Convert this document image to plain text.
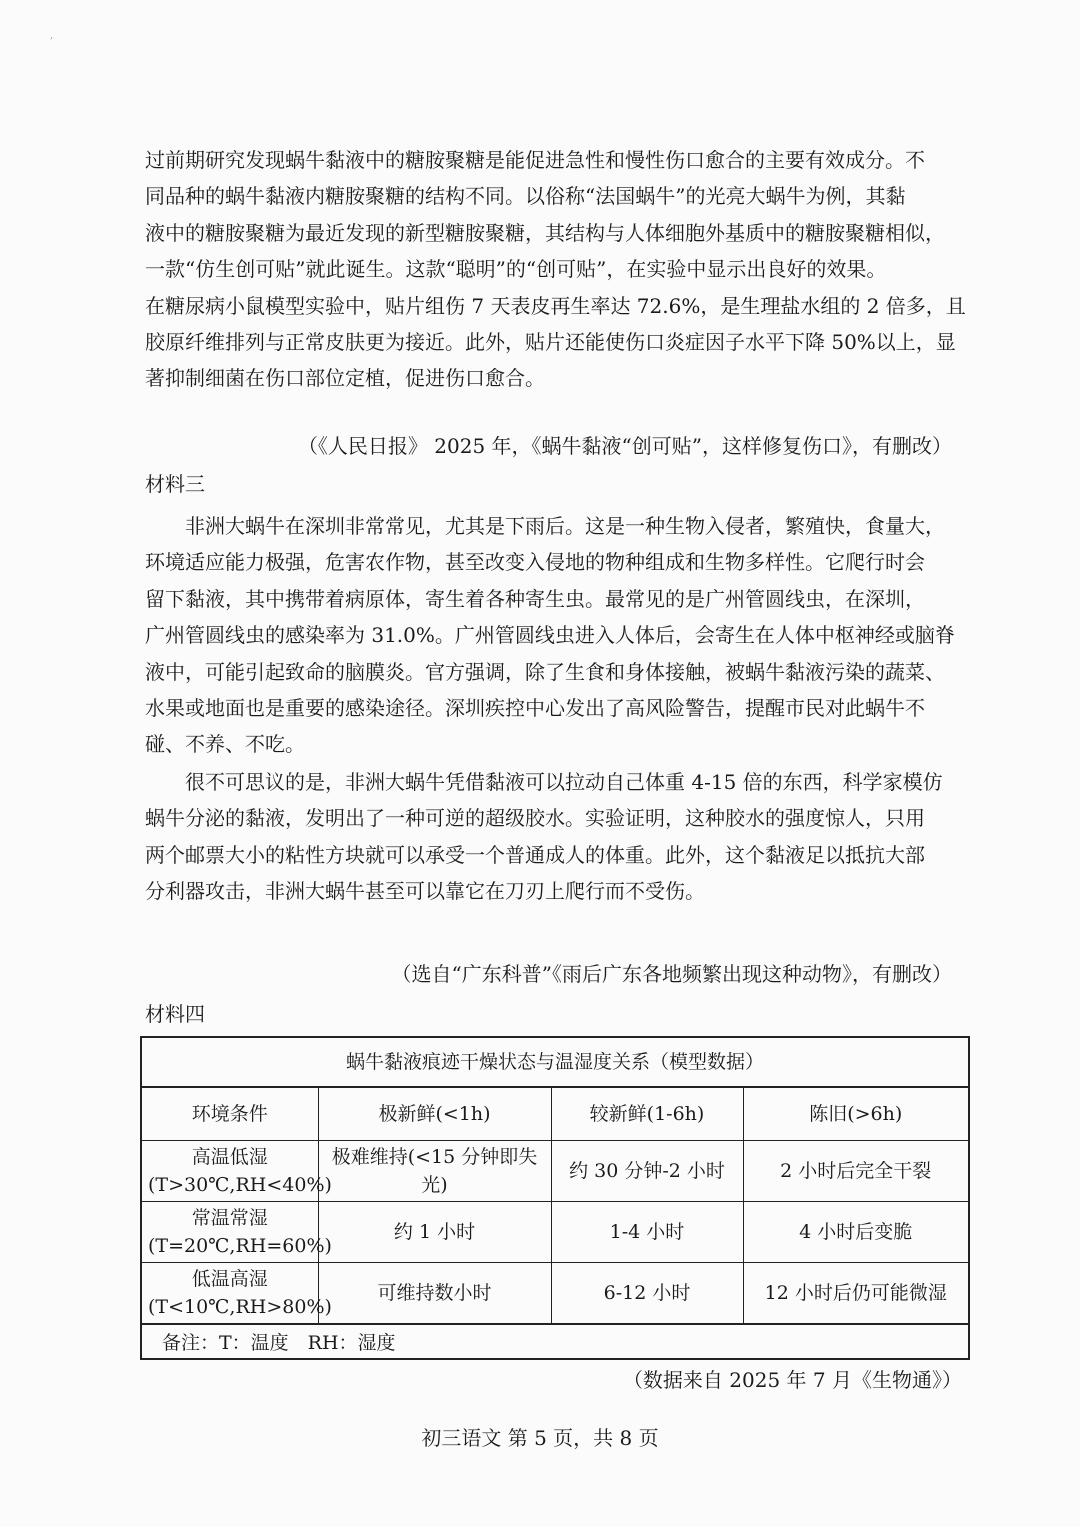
,
过前期研究发现蜗牛黏液中的糖胺聚糖是能促进急性和慢性伤口愈合的主要有效成分。不
同品种的蜗牛黏液内糖胺聚糖的结构不同。以俗称“法国蜗牛”的光亮大蜗牛为例，其黏
液中的糖胺聚糖为最近发现的新型糖胺聚糖，其结构与人体细胞外基质中的糖胺聚糖相似，
一款“仿生创可贴”就此诞生。这款“聪明”的“创可贴”，在实验中显示出良好的效果。
在糖尿病小鼠模型实验中，贴片组伤 7 天表皮再生率达 72.6%，是生理盐水组的 2 倍多，且
胶原纤维排列与正常皮肤更为接近。此外，贴片还能使伤口炎症因子水平下降 50%以上，显
著抑制细菌在伤口部位定植，促进伤口愈合。
（《人民日报》 2025 年，《蜗牛黏液“创可贴”，这样修复伤口》，有删改）
材料三
　　非洲大蜗牛在深圳非常常见，尤其是下雨后。这是一种生物入侵者，繁殖快，食量大，
环境适应能力极强，危害农作物，甚至改变入侵地的物种组成和生物多样性。它爬行时会
留下黏液，其中携带着病原体，寄生着各种寄生虫。最常见的是广州管圆线虫，在深圳，
广州管圆线虫的感染率为 31.0%。广州管圆线虫进入人体后，会寄生在人体中枢神经或脑脊
液中，可能引起致命的脑膜炎。官方强调，除了生食和身体接触，被蜗牛黏液污染的蔬菜、
水果或地面也是重要的感染途径。深圳疾控中心发出了高风险警告，提醒市民对此蜗牛不
碰、不养、不吃。
　　很不可思议的是，非洲大蜗牛凭借黏液可以拉动自己体重 4-15 倍的东西，科学家模仿
蜗牛分泌的黏液，发明出了一种可逆的超级胶水。实验证明，这种胶水的强度惊人，只用
两个邮票大小的粘性方块就可以承受一个普通成人的体重。此外，这个黏液足以抵抗大部
分利器攻击，非洲大蜗牛甚至可以靠它在刀刃上爬行而不受伤。
（选自“广东科普”《雨后广东各地频繁出现这种动物》，有删改）
材料四
蜗牛黏液痕迹干燥状态与温湿度关系（模型数据）
环境条件	极新鲜(<1h)	较新鲜(1-6h)	陈旧(>6h)
高温低湿(T>30℃,RH<40%)	极难维持(<15 分钟即失光)	约 30 分钟-2 小时	2 小时后完全干裂
常温常湿(T=20℃,RH=60%)	约 1 小时	1-4 小时	4 小时后变脆
低温高湿(T<10℃,RH>80%)	可维持数小时	6-12 小时	12 小时后仍可能微湿
备注：T：温度　RH：湿度
（数据来自 2025 年 7 月《生物通》）
初三语文 第 5 页，共 8 页
